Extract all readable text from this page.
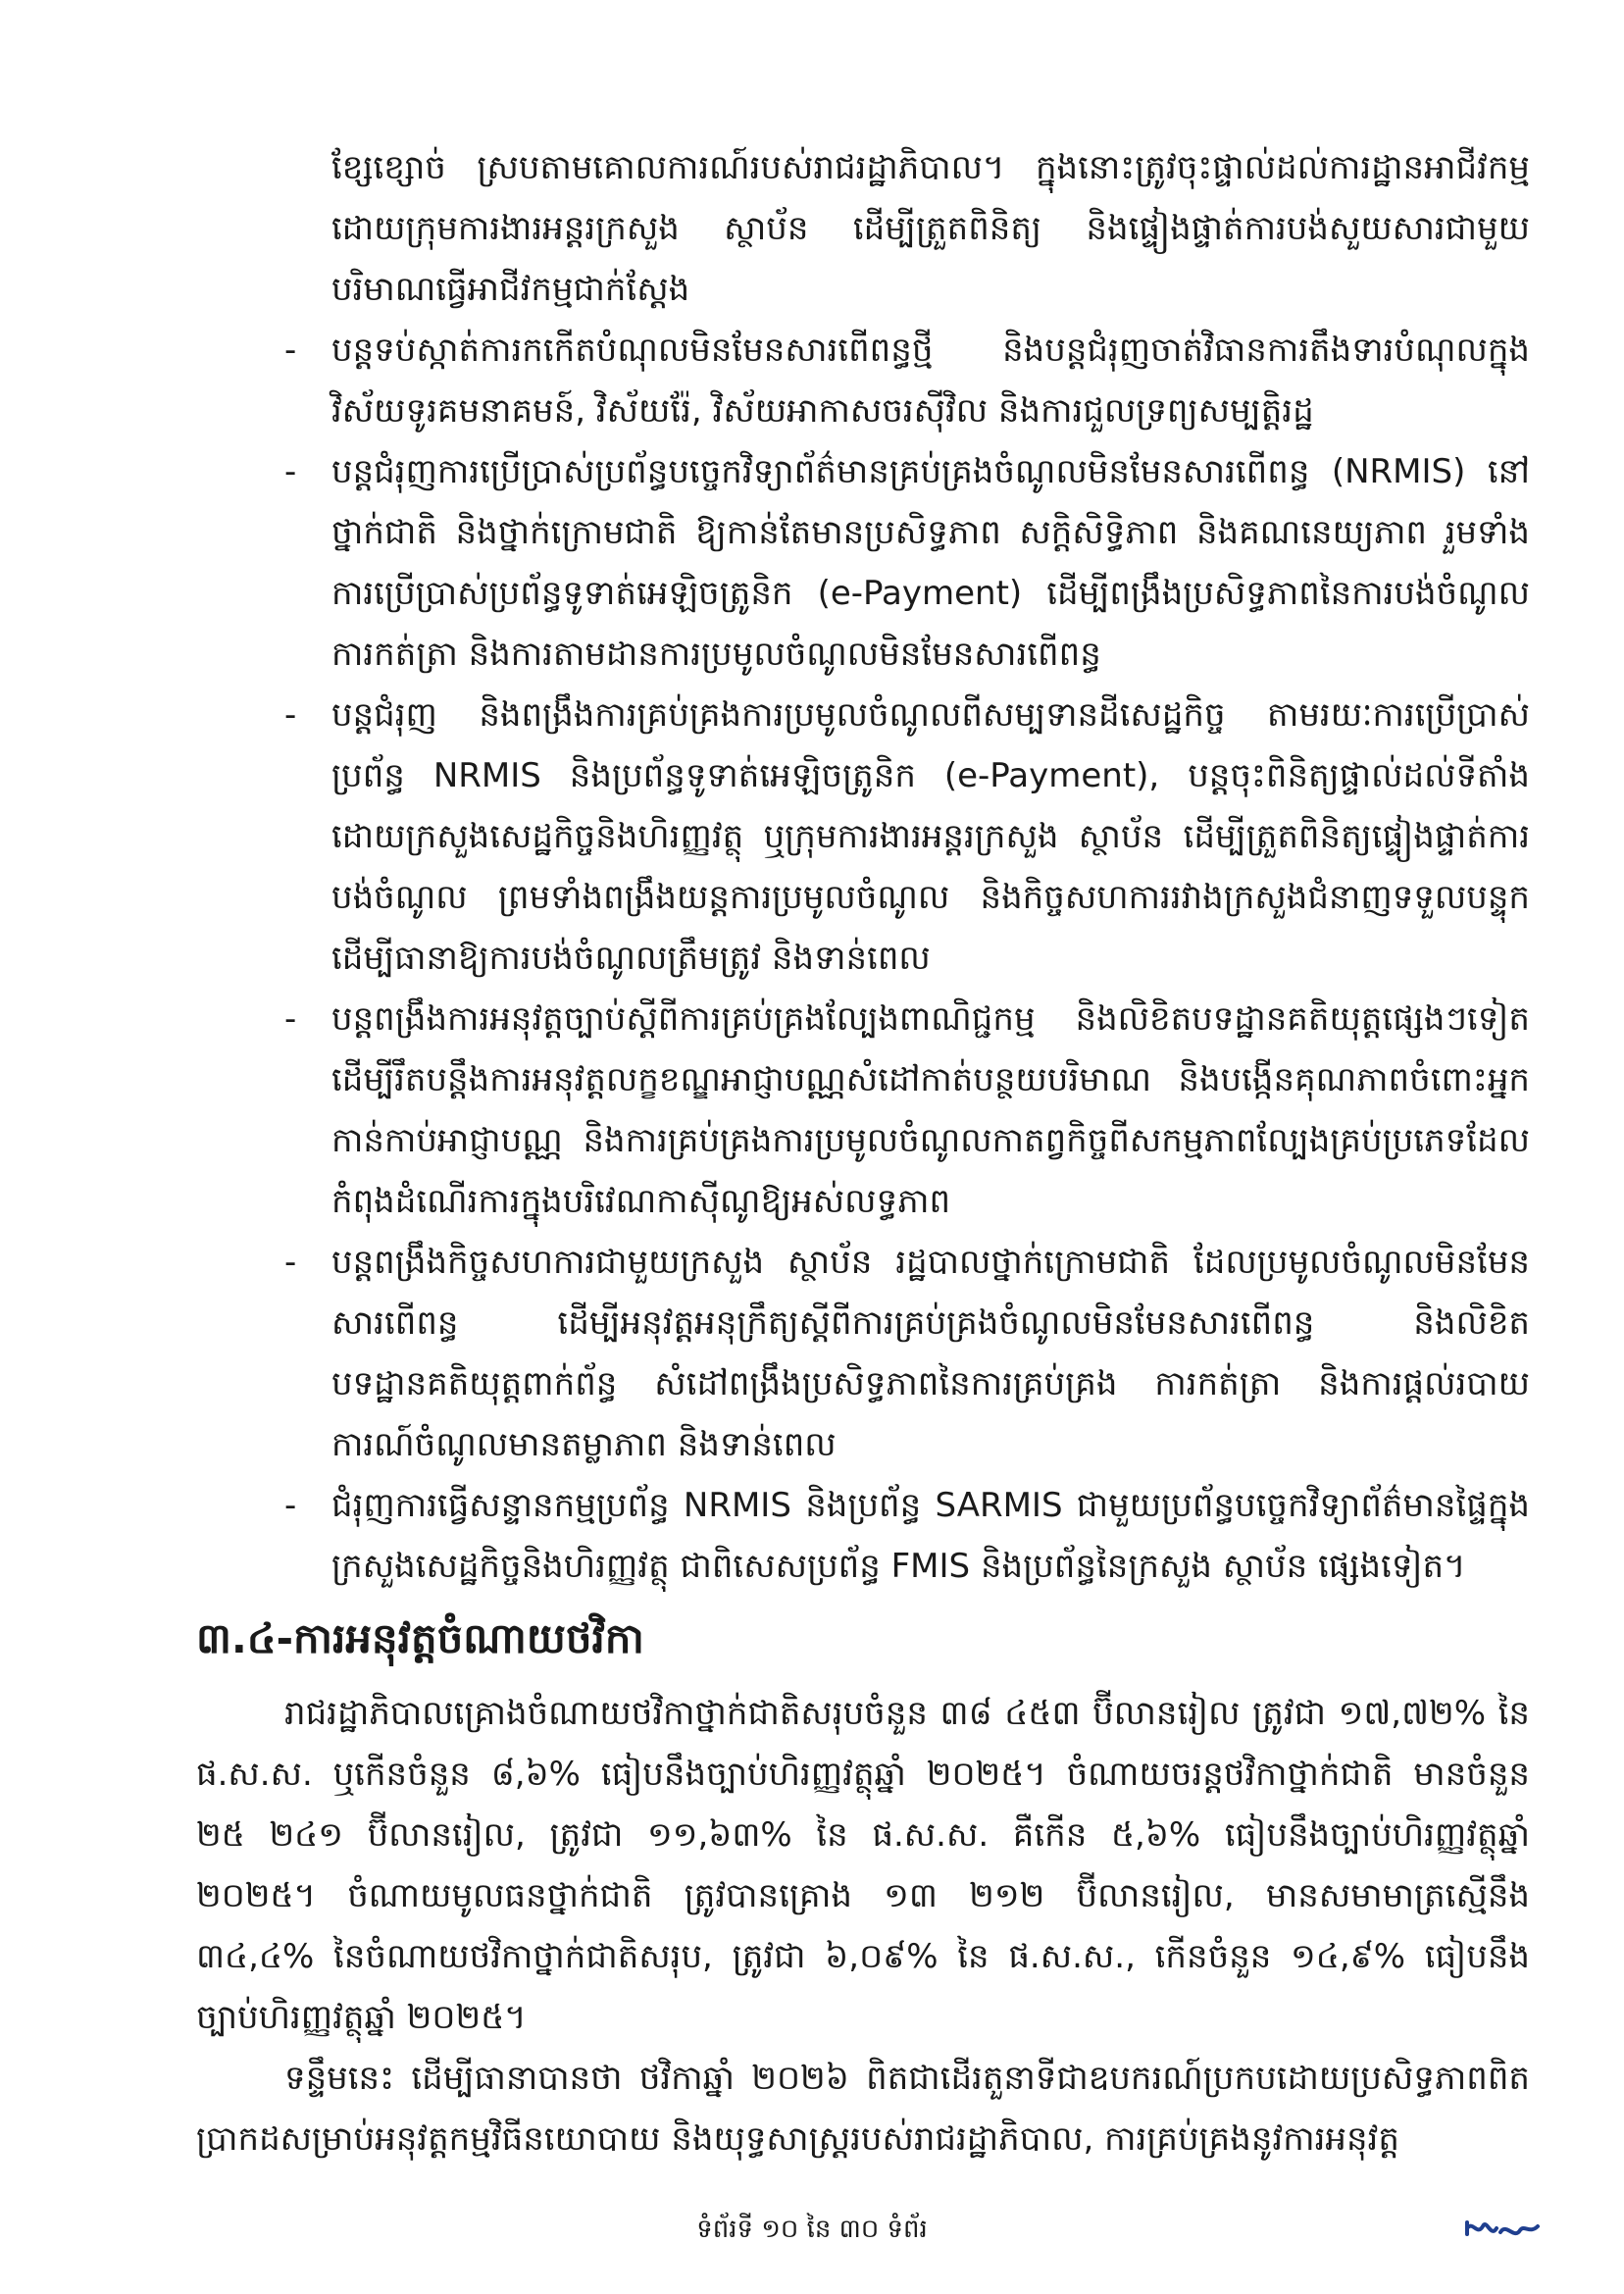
ខ្សែខ្សោច់ ស្របតាមគោលការណ៍របស់រាជរដ្ឋាភិបាល។ ក្នុងនោះត្រូវចុះផ្ទាល់ដល់ការដ្ឋានអាជីវកម្មដោយក្រុមការងារអន្តរក្រសួង ស្ថាប័ន ដើម្បីត្រួតពិនិត្យ និងផ្ទៀងផ្ទាត់ការបង់សួយសារជាមួយបរិមាណធ្វើអាជីវកម្មជាក់ស្តែង

- បន្តទប់ស្កាត់ការកកើតបំណុលមិនមែនសារពើពន្ធថ្មី និងបន្តជំរុញចាត់វិធានការតឹងទារបំណុលក្នុងវិស័យទូរគមនាគមន៍, វិស័យរ៉ែ, វិស័យអាកាសចរស៊ីវិល និងការជួលទ្រព្យសម្បត្តិរដ្ឋ
- បន្តជំរុញការប្រើប្រាស់ប្រព័ន្ធបច្ចេកវិទ្យាព័ត៌មានគ្រប់គ្រងចំណូលមិនមែនសារពើពន្ធ (NRMIS) នៅថ្នាក់ជាតិ និងថ្នាក់ក្រោមជាតិ ឱ្យកាន់តែមានប្រសិទ្ធភាព សក្តិសិទ្ធិភាព និងគណនេយ្យភាព រួមទាំងការប្រើប្រាស់ប្រព័ន្ធទូទាត់អេឡិចត្រូនិក (e-Payment) ដើម្បីពង្រឹងប្រសិទ្ធភាពនៃការបង់ចំណូល ការកត់ត្រា និងការតាមដានការប្រមូលចំណូលមិនមែនសារពើពន្ធ
- បន្តជំរុញ និងពង្រឹងការគ្រប់គ្រងការប្រមូលចំណូលពីសម្បទានដីសេដ្ឋកិច្ច តាមរយៈការប្រើប្រាស់ប្រព័ន្ធ NRMIS និងប្រព័ន្ធទូទាត់អេឡិចត្រូនិក (e-Payment), បន្តចុះពិនិត្យផ្ទាល់ដល់ទីតាំងដោយក្រសួងសេដ្ឋកិច្ចនិងហិរញ្ញវត្ថុ ឬក្រុមការងារអន្តរក្រសួង ស្ថាប័ន ដើម្បីត្រួតពិនិត្យផ្ទៀងផ្ទាត់ការបង់ចំណូល ព្រមទាំងពង្រឹងយន្តការប្រមូលចំណូល និងកិច្ចសហការរវាងក្រសួងជំនាញទទួលបន្ទុក ដើម្បីធានាឱ្យការបង់ចំណូលត្រឹមត្រូវ និងទាន់ពេល
- បន្តពង្រឹងការអនុវត្តច្បាប់ស្តីពីការគ្រប់គ្រងល្បែងពាណិជ្ជកម្ម និងលិខិតបទដ្ឋានគតិយុត្តផ្សេងៗទៀត ដើម្បីរឹតបន្តឹងការអនុវត្តលក្ខខណ្ឌអាជ្ញាបណ្ណសំដៅកាត់បន្ថយបរិមាណ និងបង្កើនគុណភាពចំពោះអ្នកកាន់កាប់អាជ្ញាបណ្ណ និងការគ្រប់គ្រងការប្រមូលចំណូលកាតព្វកិច្ចពីសកម្មភាពល្បែងគ្រប់ប្រភេទដែលកំពុងដំណើរការក្នុងបរិវេណកាស៊ីណូឱ្យអស់លទ្ធភាព
- បន្តពង្រឹងកិច្ចសហការជាមួយក្រសួង ស្ថាប័ន រដ្ឋបាលថ្នាក់ក្រោមជាតិ ដែលប្រមូលចំណូលមិនមែនសារពើពន្ធ ដើម្បីអនុវត្តអនុក្រឹត្យស្តីពីការគ្រប់គ្រងចំណូលមិនមែនសារពើពន្ធ និងលិខិតបទដ្ឋានគតិយុត្តពាក់ព័ន្ធ សំដៅពង្រឹងប្រសិទ្ធភាពនៃការគ្រប់គ្រង ការកត់ត្រា និងការផ្តល់របាយការណ៍ចំណូលមានតម្លាភាព និងទាន់ពេល
- ជំរុញការធ្វើសន្ទានកម្មប្រព័ន្ធ NRMIS និងប្រព័ន្ធ SARMIS ជាមួយប្រព័ន្ធបច្ចេកវិទ្យាព័ត៌មានផ្ទៃក្នុងក្រសួងសេដ្ឋកិច្ចនិងហិរញ្ញវត្ថុ ជាពិសេសប្រព័ន្ធ FMIS និងប្រព័ន្ធនៃក្រសួង ស្ថាប័ន ផ្សេងទៀត។
៣.៤-ការអនុវត្តចំណាយថវិកា

រាជរដ្ឋាភិបាលគ្រោងចំណាយថវិកាថ្នាក់ជាតិសរុបចំនួន ៣៨ ៤៥៣ ប៊ីលានរៀល ត្រូវជា ១៧,៧២% នៃ ផ.ស.ស. ឬកើនចំនួន ៨,៦% ធៀបនឹងច្បាប់ហិរញ្ញវត្ថុឆ្នាំ ២០២៥។ ចំណាយចរន្តថវិកាថ្នាក់ជាតិ មានចំនួន ២៥ ២៤១ ប៊ីលានរៀល, ត្រូវជា ១១,៦៣% នៃ ផ.ស.ស. គឺកើន ៥,៦% ធៀបនឹងច្បាប់ហិរញ្ញវត្ថុឆ្នាំ ២០២៥។ ចំណាយមូលធនថ្នាក់ជាតិ ត្រូវបានគ្រោង ១៣ ២១២ ប៊ីលានរៀល, មានសមាមាត្រស្មើនឹង ៣៤,៤% នៃចំណាយថវិកាថ្នាក់ជាតិសរុប, ត្រូវជា ៦,០៩% នៃ ផ.ស.ស., កើនចំនួន ១៤,៩% ធៀបនឹងច្បាប់ហិរញ្ញវត្ថុឆ្នាំ ២០២៥។

ទន្ទឹមនេះ ដើម្បីធានាបានថា ថវិកាឆ្នាំ ២០២៦ ពិតជាដើរតួនាទីជាឧបករណ៍ប្រកបដោយប្រសិទ្ធភាពពិតប្រាកដសម្រាប់អនុវត្តកម្មវិធីនយោបាយ និងយុទ្ធសាស្ត្ររបស់រាជរដ្ឋាភិបាល, ការគ្រប់គ្រងនូវការអនុវត្ត

ទំព័រទី ១០ នៃ ៣០ ទំព័រ
